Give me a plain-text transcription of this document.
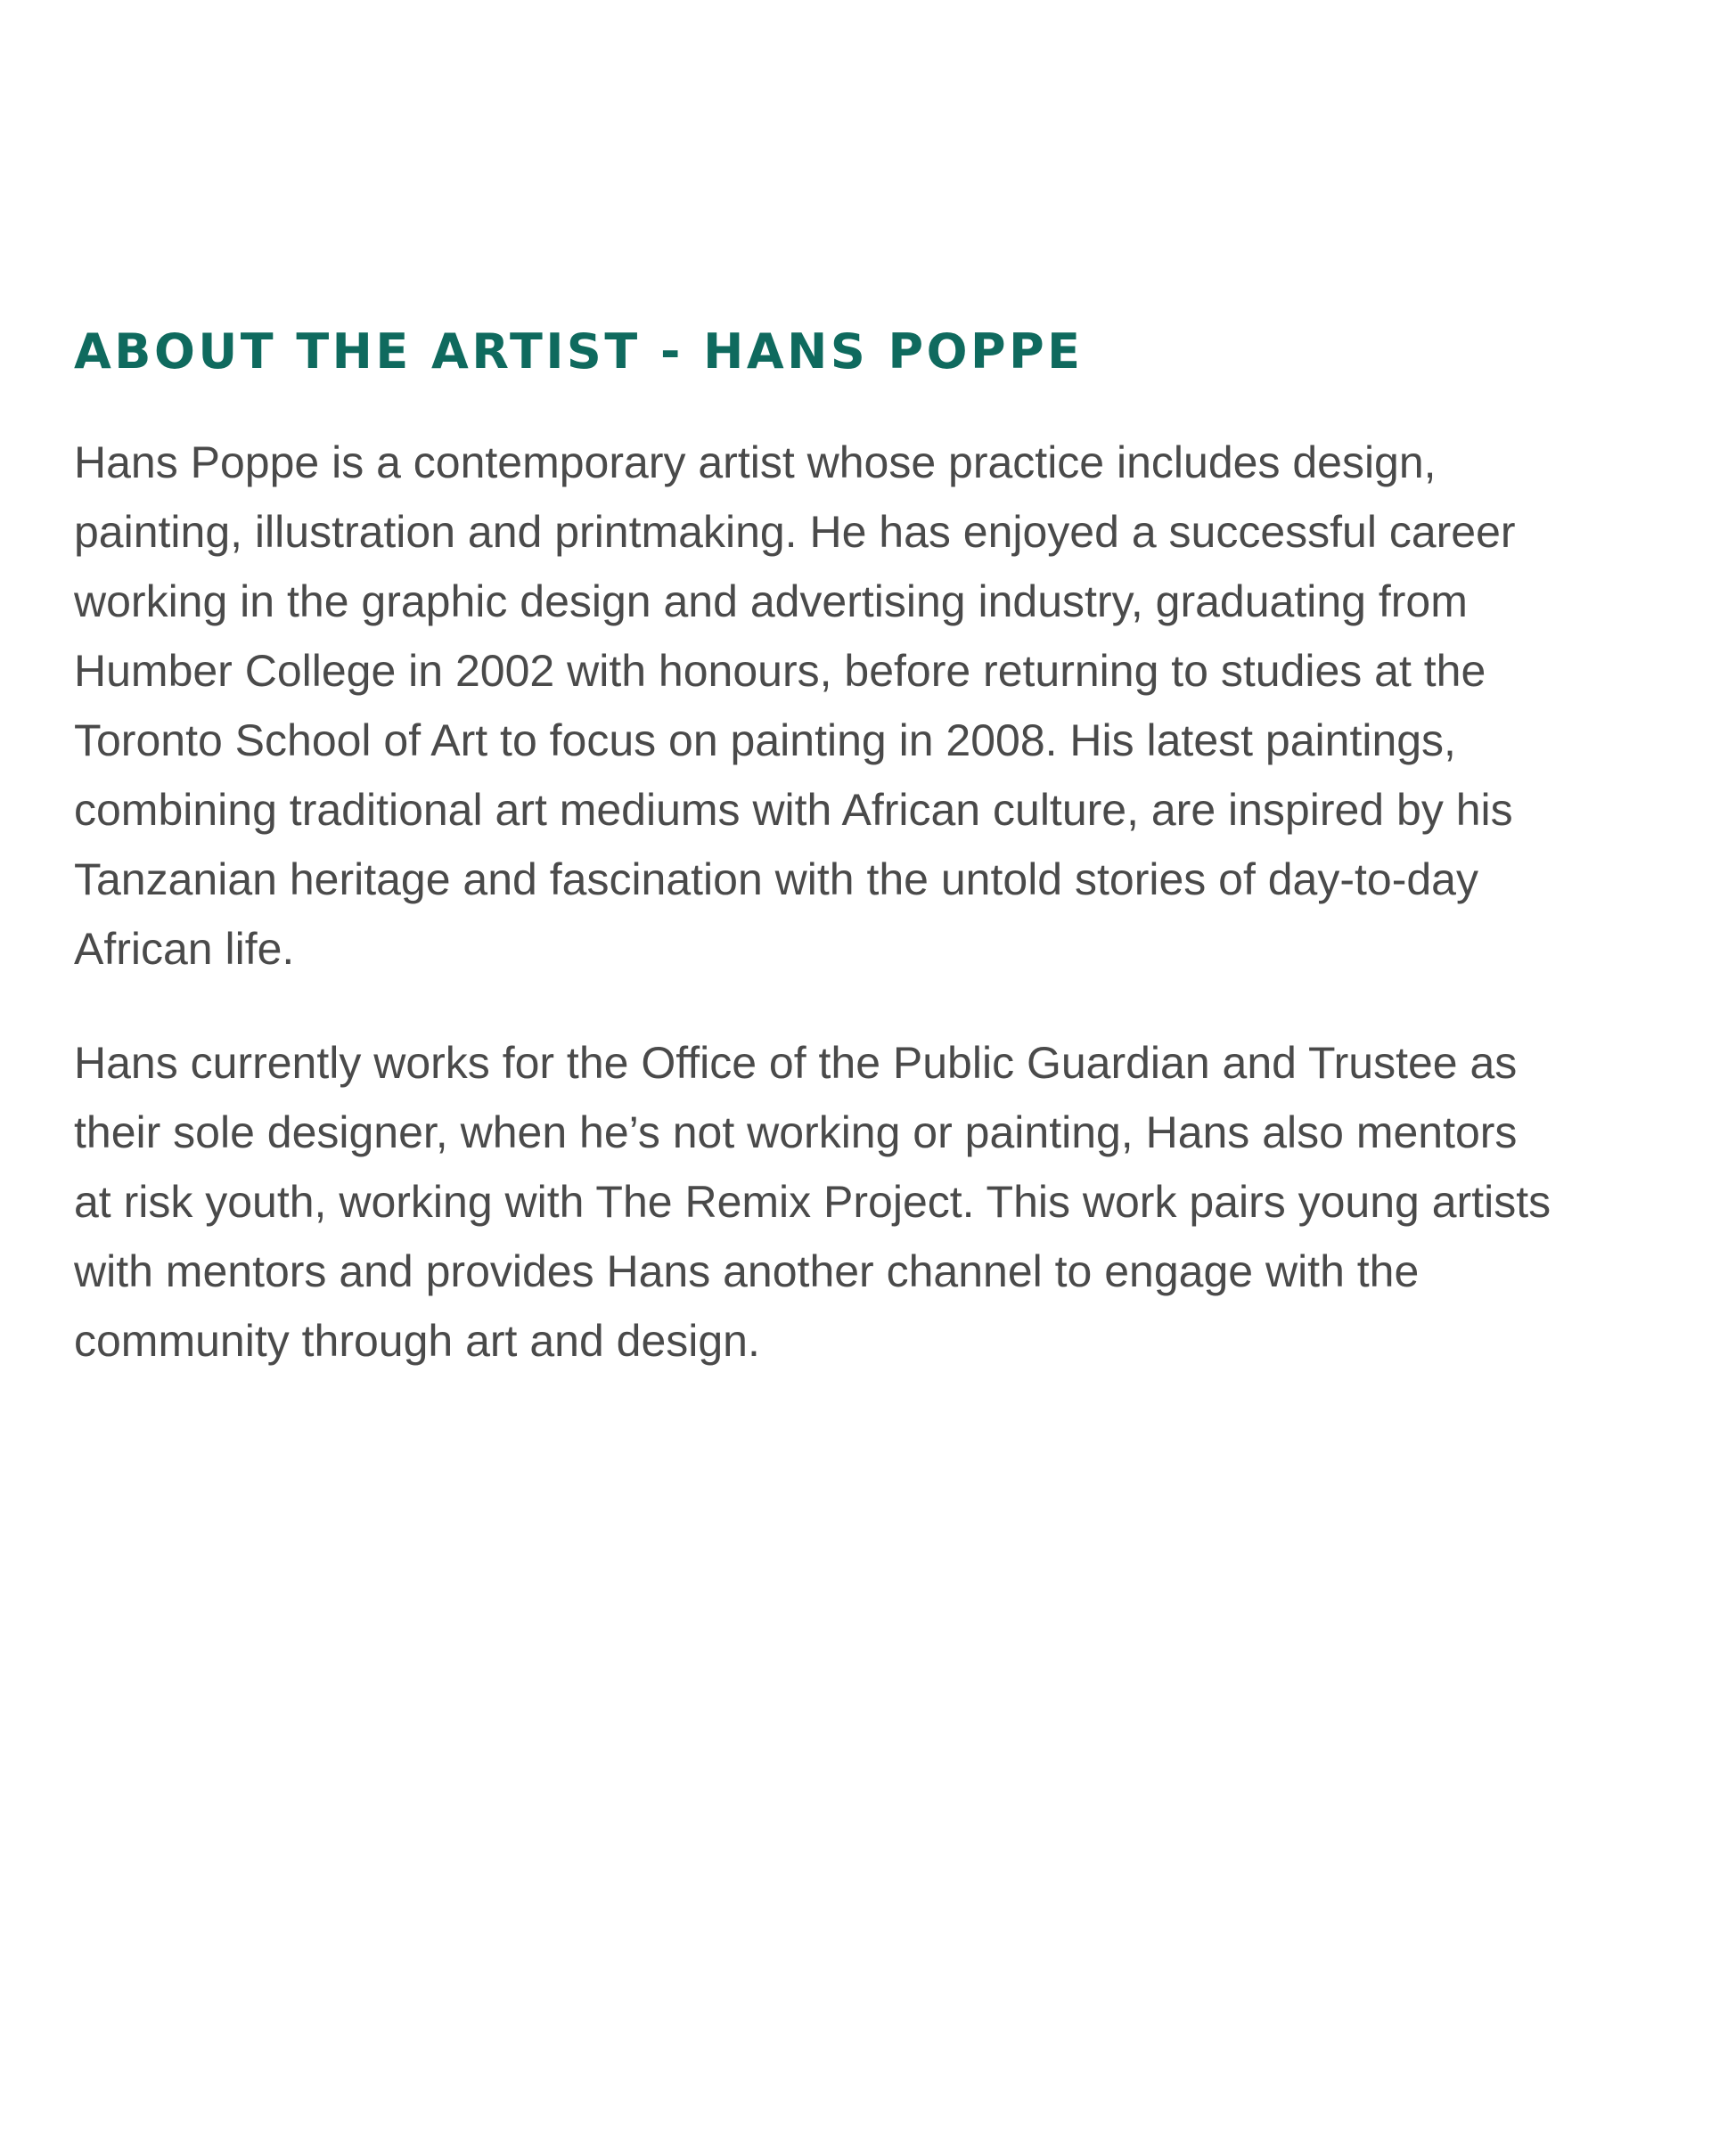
ABOUT THE ARTIST - HANS POPPE

Hans Poppe is a contemporary artist whose practice includes design,
painting, illustration and printmaking. He has enjoyed a successful career
working in the graphic design and advertising industry, graduating from
Humber College in 2002 with honours, before returning to studies at the
Toronto School of Art to focus on painting in 2008. His latest paintings,
combining traditional art mediums with African culture, are inspired by his
Tanzanian heritage and fascination with the untold stories of day-to-day
African life.

Hans currently works for the Office of the Public Guardian and Trustee as
their sole designer, when he’s not working or painting, Hans also mentors
at risk youth, working with The Remix Project. This work pairs young artists
with mentors and provides Hans another channel to engage with the
community through art and design.
